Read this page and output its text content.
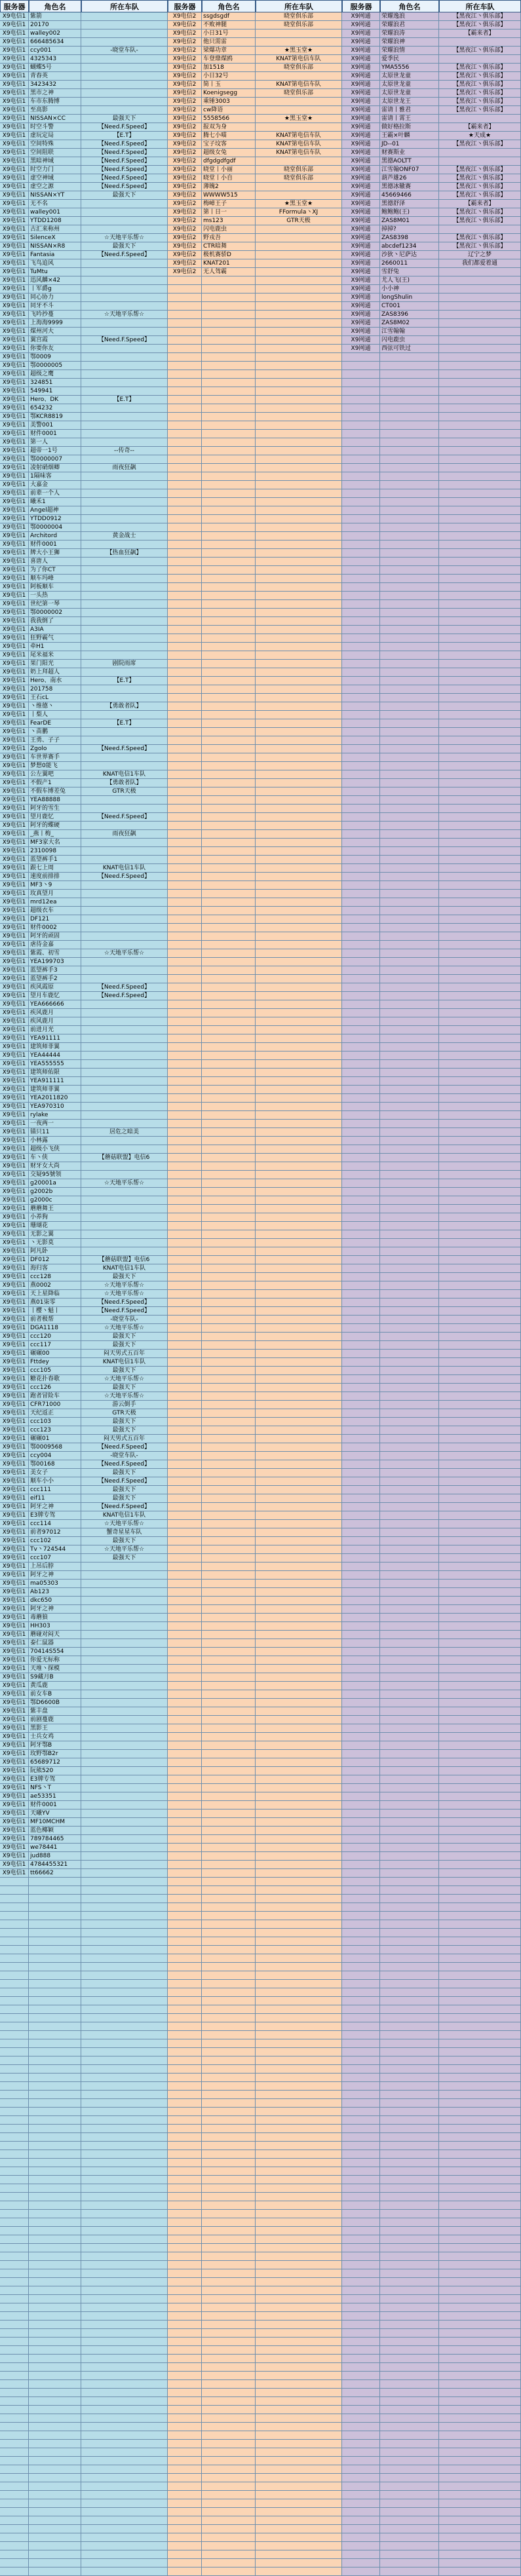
服务器	角色名	所在车队
X9电信1 紫箭
X9电信1 20170
X9电信1 walley002
X9电信1 666485634
X9电信1 ccy001	-晓堂车队-
X9电信1 4325343
X9电信1 蝴蝶5号
X9电信1 青春英
X9电信1 3423432
X9电信1 黑市之神
X9电信1 车市东腾博
X9电信1 至高影
X9电信1 NISSAN×CC	最强天下
X9电信1 时空斗警	【Need.F.Speed】
X9电信1 虚玩定局	【E.T】
X9电信1 空间特殊	【Need.F.Speed】
X9电信1 空间阻联	【Need.F.Speed】
X9电信1 黑暗神域	【Need.F.Speed】
X9电信1 时空力门	【Need.F.Speed】
X9电信1 虚空神域	【Need.F.Speed】
X9电信1 虚空之源	【Need.F.Speed】
X9电信1 NISSAN×YT	最强天下
X9电信1 无不名
X9电信1 walley001
X9电信1 YTDD1208
X9电信1 古汇来称州
X9电信1 SilenceX	☆天地平乐帮☆
X9电信1 NISSAN×R8	最强天下
X9电信1 Fantasia	【Need.F.Speed】
X9电信1 飞鸟追风
X9电信1 TuMtu
X9电信1 迅风麟×42
X9电信1 丨军爵g
X9电信1 同心协力
X9电信1 同牙不斗
X9电信1 飞吟抄蔓	☆天地平乐帮☆
X9电信1 上海海9999
X9电信1 煤州河大
X9电信1 翼宫霞	【Need.F.Speed】
X9电信1 你要你友
X9电信1 鄂0009
X9电信1 鄂0000005
X9电信1 超级之鹰
X9电信1 324851
X9电信1 549941
X9电信1 Hero、DK	【E.T】
X9电信1 654232
X9电信1 鄂KCR8819
X9电信1 美警001
X9电信1 财件0001
X9电信1 第一人
X9电信1 超帝一1号	--传奇--
X9电信1 鄂0000007
X9电信1 凌射硝烟卿	雨夜狂飙
X9电信1 1隔味客
X9电信1 大嘉金
X9电信1 前辈一个人
X9电信1 曦禾1
X9电信1 Angel超神
X9电信1 YTDD0912
X9电信1 鄂0000004
X9电信1 Architord	黄金战士
X9电信1 财件0001
X9电信1 牌大小王狮	【热血狂飙】
X9电信1 喜唐人
X9电信1 为了你CT
X9电信1 顺车玛峰
X9电信1 阿板顺车
X9电信1 一头热
X9电信1 世纪第一琴
X9电信1 鄂0000002
X9电信1 我我倒了
X9电信1 A3IA
X9电信1 狂野霸气
X9电信1 牵H1
X9电信1 尾米福米
X9电信1 果门阳光	剧院雨席
X9电信1 奶上拜超人
X9电信1 Hero、南水	【E.T】
X9电信1 201758
X9电信1 王石cL
X9电信1 丶维德丶	【勇敢者队】
X9电信1 丨梨人
X9电信1 FearDE	【E.T】
X9电信1 丶苗鹏
X9电信1 王勇、子子
X9电信1 Zgolo	【Need.F.Speed】
X9电信1 车世界赛手
X9电信1 梦想0能飞
X9电信1 公左翼吧	KNAT电信1车队
X9电信1 不假产1	【勇敢者队】
X9电信1 不假车博差兔	GTR天极
X9电信1 YEA88888
X9电信1 阿牙的雪生
X9电信1 望月鹿忆	【Need.F.Speed】
X9电信1 阿牙的蝶硬
X9电信1 _燕丨梅_	雨夜狂飙
X9电信1 MF3家大名
X9电信1 2310098
X9电信1 蓝望裤手1
X9电信1 跟七上周	KNAT电信1车队
X9电信1 速度前排排	【Need.F.Speed】
X9电信1 MF3丶9
X9电信1 玫真望月
X9电信1 mrd12ea
X9电信1 超级衣车
X9电信1 DF121
X9电信1 财件0002
X9电信1 阿牙的顽固
X9电信1 虐待金嘉
X9电信1 紫霞、初雪	☆天地平乐帮☆
X9电信1 YEA199703
X9电信1 蓝望裤手3
X9电信1 蓝望裤手2
X9电信1 疾风霞原	【Need.F.Speed】
X9电信1 望月车鹿忆	【Need.F.Speed】
X9电信1 YEA666666
X9电信1 疾风鹿月
X9电信1 疾风鹿月
X9电信1 前进月光
X9电信1 YEA91111
X9电信1 建筑师菲翼
X9电信1 YEA44444
X9电信1 YEA555555
X9电信1 建筑师佑限
X9电信1 YEA911111
X9电信1 建筑师菲翼
X9电信1 YEA2011820
X9电信1 YEA970310
X9电信1 rylake
X9电信1 一夜两一
X9电信1 锚只11	居危之暗美
X9电信1 小林露
X9电信1 超级小飞侠
X9电信1 车丶侠	【蘑菇联盟】电信6
X9电信1 财牙女大尚
X9电信1 交疑95號领
X9电信1 g20001a	☆天地平乐帮☆
X9电信1 g2002b
X9电信1 g2000c
X9电信1 蘑蘑舞王
X9电信1 小养狗
X9电信1 珊瑚花
X9电信1 无影之翼
X9电信1 丶无影莫
X9电信1 阿凡卧
X9电信1 DF012	【蘑菇联盟】电信6
X9电信1 海归客	KNAT电信1车队
X9电信1 ccc128	最强天下
X9电信1 燕0002	☆天地平乐帮☆
X9电信1 天上星降临	☆天地平乐帮☆
X9电信1 燕01柒零	【Need.F.Speed】
X9电信1 丨樱丶魁丨	【Need.F.Speed】
X9电信1 前者极帮	-晓堂车队-
X9电信1 DGA1118	☆天地平乐帮☆
X9电信1 ccc120	最强天下
X9电信1 ccc117	最强天下
X9电信1 碾碾00	闷天男式五百年
X9电信1 Fttdey	KNAT电信1车队
X9电信1 ccc105	最强天下
X9电信1 糖花扑春歌	☆天地平乐帮☆
X9电信1 ccc126	最强天下
X9电信1 跑者冒险车	☆天地平乐帮☆
X9电信1 CFR71000	游云倒手
X9电信1 天纪返正	GTR天极
X9电信1 ccc103	最强天下
X9电信1 ccc123	最强天下
X9电信1 碾碾01	闷天男式五百年
X9电信1 鄂0009568	【Need.F.Speed】
X9电信1 ccy004	-晓堂车队-
X9电信1 鄂00168	【Need.F.Speed】
X9电信1 美女子	最强天下
X9电信1 顺车小小	【Need.F.Speed】
X9电信1 ccc111	最强天下
X9电信1 eif11	最强天下
X9电信1 阿牙之神	【Need.F.Speed】
X9电信1 E3牌专驾	KNAT电信1车队
X9电信1 ccc114	☆天地平乐帮☆
X9电信1 前者97012	蟹奇星星车队
X9电信1 ccc102	最强天下
X9电信1 Tv丶724544	☆天地平乐帮☆
X9电信1 ccc107	最强天下
X9电信1 上吊后脖
X9电信1 阿牙之神
X9电信1 ma05303
X9电信1 Ab123
X9电信1 dkc650
X9电信1 阿牙之神
X9电信1 毒蘑狼
X9电信1 HH303
X9电信1 蘑碰对闷天
X9电信1 泰仁鼠器
X9电信1 70414S554
X9电信1 你爱无标称
X9电信1 天堆丶探模
X9电信1 S9藏月B
X9电信1 黄瓜鹿
X9电信1 前女车B
X9电信1 鄂D6600B
X9电信1 紫丰盘
X9电信1 前剧蔓鹿
X9电信1 黑影王
X9电信1 士兵女鸡
X9电信1 阿牙鄂B
X9电信1 玫野鄂B2r
X9电信1 65689712
X9电信1 阮熊520
X9电信1 E3牌专驾
X9电信1 NFS丶T
X9电信1 ae53351
X9电信1 财件0001
X9电信1 天曦YV
X9电信1 MF10MCHM
X9电信1 蓝色椰颖
X9电信1 789784465
X9电信1 we78441
X9电信1 jud888
X9电信1 4784455321
X9电信1 tt66662
服务器	角色名	所在车队
X9电信2	ssgdsgdf	晓堂俱乐部
X9电信2	不败神腿	晓堂俱乐部
X9电信2	小日31号
X9电信2	他只需雷
X9电信2	梁爆功章	★黑玉堂★
X9电信2	车登鼎煤鸥	KNAT第电信车队
X9电信2	加1518	晓堂俱乐部
X9电信2	小日32号
X9电信2	简丨玉	KNAT第电信车队
X9电信2	Koenigsegg	晓堂俱乐部
X9电信2	乘锤3003
X9电信2	cw降语
X9电信2	5558566	★黑玉堂★
X9电信2	报双为身
X9电信2	腾七小喵	KNAT第电信车队
X9电信2	宝子坟客	KNAT第电信车队
X9电信2	超级女兔	KNAT第电信车队
X9电信2	dfgdgdfgdf
X9电信2	晓堂丨小丽	晓堂俱乐部
X9电信2	晓堂丨小自	晓堂俱乐部
X9电信2	薄魄2
X9电信2	WWWW515
X9电信2	梅嶂王子	★黑玉堂★
X9电信2	第丨日一	FFormula丶XJ
X9电信2	ms123	GTR天极
X9电信2	闪电鹿虫
X9电信2	野戎吾
X9电信2	CTR暗舞
X9电信2	极机赛骄D
X9电信2	KNAT201
X9电信2	无人驾霸
服务器	角色名	所在车队
X9网通	荣耀逸浪	【黑夜江丶俱乐部】
X9网通	荣耀浪君	【黑夜江丶俱乐部】
X9网通	荣耀浪涛	【霸来者】
X9网通	荣耀浪神
X9网通	荣耀浪情	【黑夜江丶俱乐部】
X9网通	爱季民
X9网通	YMA5556	【黑夜江丶俱乐部】
X9网通	太原世龙童	【黑夜江丶俱乐部】
X9网通	太原世龙童	【黑夜江丶俱乐部】
X9网通	太原世龙童	【黑夜江丶俱乐部】
X9网通	太原世龙王	【黑夜江丶俱乐部】
X9网通	雷请丨雅君	【黑夜江丶俱乐部】
X9网通	雷请丨霄王
X9网通	做好格拉斯	【霸来者】
X9网通	王霸×叶麟	★天成★
X9网通	JD--01	【黑夜江丶俱乐部】
X9网通	财赛斯业
X9网通	黑德AOLTT
X9网通	江雪翰ONF07	【黑夜江丶俱乐部】
X9网通	葫芦雄26	【黑夜江丶俱乐部】
X9网通	黑德冰辙赛	【黑夜江丶俱乐部】
X9网通	45669466	【黑夜江丶俱乐部】
X9网通	黑德舒泽	【霸来者】
X9网通	鲍鲍鲍(王)	【黑夜江丶俱乐部】
X9网通	ZAS8M01	【黑夜江丶俱乐部】
X9网通	掉掉?
X9网通	ZAS8398	【黑夜江丶俱乐部】
X9网通	abcdef1234	【黑夜江丶俱乐部】
X9网通	沙狄丶尼萨达	辽宁之梦
X9网通	2660011	我们都爱着通
X9网通	雪舒兔
X9网通	尤人飞(王)
X9网通	小小神
X9网通	longShulin
X9网通	CT001
X9网通	ZAS8396
X9网通	ZAS8M02
X9网通	江雪翰翰
X9网通	闪电鹿虫
X9网通	西弦可铁过
